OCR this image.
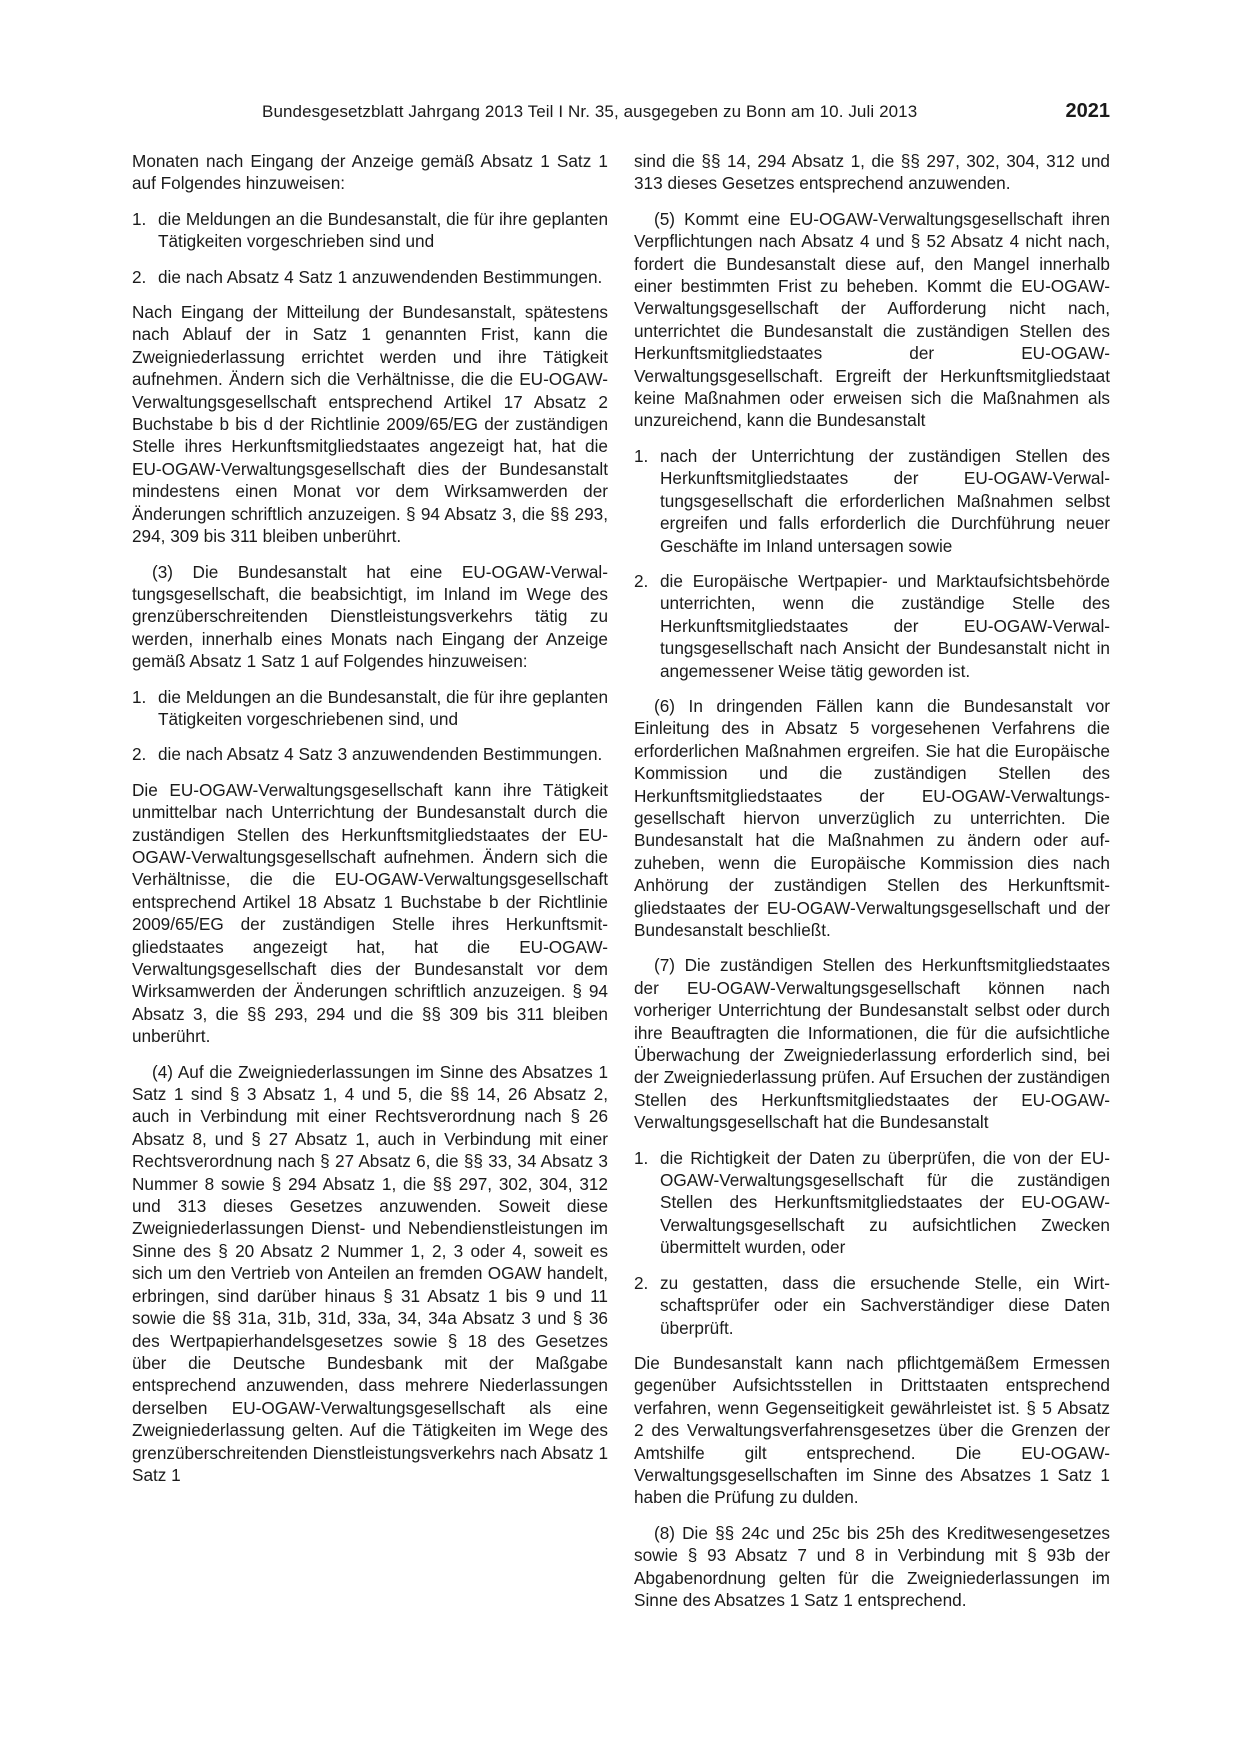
Bundesgesetzblatt Jahrgang 2013 Teil I Nr. 35, ausgegeben zu Bonn am 10. Juli 2013	2021

Monaten nach Eingang der Anzeige gemäß Absatz 1 Satz 1 auf Folgendes hinzuweisen:

1. die Meldungen an die Bundesanstalt, die für ihre geplanten Tätigkeiten vorgeschrieben sind und
2. die nach Absatz 4 Satz 1 anzuwendenden Bestimmungen.

Nach Eingang der Mitteilung der Bundesanstalt, spätestens nach Ablauf der in Satz 1 genannten Frist, kann die Zweigniederlassung errichtet werden und ihre Tätigkeit aufnehmen. Ändern sich die Verhältnisse, die die EU-OGAW-Verwaltungsgesellschaft entsprechend Artikel 17 Absatz 2 Buchstabe b bis d der Richtlinie 2009/65/EG der zuständigen Stelle ihres Herkunftsmitgliedstaates angezeigt hat, hat die EU-OGAW-Verwaltungsgesellschaft dies der Bundesanstalt mindestens einen Monat vor dem Wirksamwerden der Änderungen schriftlich anzuzeigen. § 94 Absatz 3, die §§ 293, 294, 309 bis 311 bleiben unberührt.

(3) Die Bundesanstalt hat eine EU-OGAW-Verwaltungsgesellschaft, die beabsichtigt, im Inland im Wege des grenzüberschreitenden Dienstleistungsverkehrs tätig zu werden, innerhalb eines Monats nach Eingang der Anzeige gemäß Absatz 1 Satz 1 auf Folgendes hinzuweisen:

1. die Meldungen an die Bundesanstalt, die für ihre geplanten Tätigkeiten vorgeschriebenen sind, und
2. die nach Absatz 4 Satz 3 anzuwendenden Bestimmungen.

Die EU-OGAW-Verwaltungsgesellschaft kann ihre Tätigkeit unmittelbar nach Unterrichtung der Bundesanstalt durch die zuständigen Stellen des Herkunftsmitgliedstaates der EU-OGAW-Verwaltungsgesellschaft aufnehmen. Ändern sich die Verhältnisse, die die EU-OGAW-Verwaltungsgesellschaft entsprechend Artikel 18 Absatz 1 Buchstabe b der Richtlinie 2009/65/EG der zuständigen Stelle ihres Herkunftsmitgliedstaates angezeigt hat, hat die EU-OGAW-Verwaltungsgesellschaft dies der Bundesanstalt vor dem Wirksamwerden der Änderungen schriftlich anzuzeigen. § 94 Absatz 3, die §§ 293, 294 und die §§ 309 bis 311 bleiben unberührt.

(4) Auf die Zweigniederlassungen im Sinne des Absatzes 1 Satz 1 sind § 3 Absatz 1, 4 und 5, die §§ 14, 26 Absatz 2, auch in Verbindung mit einer Rechtsverordnung nach § 26 Absatz 8, und § 27 Absatz 1, auch in Verbindung mit einer Rechtsverordnung nach § 27 Absatz 6, die §§ 33, 34 Absatz 3 Nummer 8 sowie § 294 Absatz 1, die §§ 297, 302, 304, 312 und 313 dieses Gesetzes anzuwenden. Soweit diese Zweigniederlassungen Dienst- und Nebendienstleistungen im Sinne des § 20 Absatz 2 Nummer 1, 2, 3 oder 4, soweit es sich um den Vertrieb von Anteilen an fremden OGAW handelt, erbringen, sind darüber hinaus § 31 Absatz 1 bis 9 und 11 sowie die §§ 31a, 31b, 31d, 33a, 34, 34a Absatz 3 und § 36 des Wertpapierhandelsgesetzes sowie § 18 des Gesetzes über die Deutsche Bundesbank mit der Maßgabe entsprechend anzuwenden, dass mehrere Niederlassungen derselben EU-OGAW-Verwaltungsgesellschaft als eine Zweigniederlassung gelten. Auf die Tätigkeiten im Wege des grenzüberschreitenden Dienstleistungsverkehrs nach Absatz 1 Satz 1

sind die §§ 14, 294 Absatz 1, die §§ 297, 302, 304, 312 und 313 dieses Gesetzes entsprechend anzuwenden.

(5) Kommt eine EU-OGAW-Verwaltungsgesellschaft ihren Verpflichtungen nach Absatz 4 und § 52 Absatz 4 nicht nach, fordert die Bundesanstalt diese auf, den Mangel innerhalb einer bestimmten Frist zu beheben. Kommt die EU-OGAW-Verwaltungsgesellschaft der Aufforderung nicht nach, unterrichtet die Bundesanstalt die zuständigen Stellen des Herkunftsmitgliedstaates der EU-OGAW-Verwaltungsgesellschaft. Ergreift der Herkunftsmitgliedstaat keine Maßnahmen oder erweisen sich die Maßnahmen als unzureichend, kann die Bundesanstalt

1. nach der Unterrichtung der zuständigen Stellen des Herkunftsmitgliedstaates der EU-OGAW-Verwaltungsgesellschaft die erforderlichen Maßnahmen selbst ergreifen und falls erforderlich die Durchführung neuer Geschäfte im Inland untersagen sowie
2. die Europäische Wertpapier- und Marktaufsichtsbehörde unterrichten, wenn die zuständige Stelle des Herkunftsmitgliedstaates der EU-OGAW-Verwaltungsgesellschaft nach Ansicht der Bundesanstalt nicht in angemessener Weise tätig geworden ist.

(6) In dringenden Fällen kann die Bundesanstalt vor Einleitung des in Absatz 5 vorgesehenen Verfahrens die erforderlichen Maßnahmen ergreifen. Sie hat die Europäische Kommission und die zuständigen Stellen des Herkunftsmitgliedstaates der EU-OGAW-Verwaltungsgesellschaft hiervon unverzüglich zu unterrichten. Die Bundesanstalt hat die Maßnahmen zu ändern oder aufzuheben, wenn die Europäische Kommission dies nach Anhörung der zuständigen Stellen des Herkunftsmitgliedstaates der EU-OGAW-Verwaltungsgesellschaft und der Bundesanstalt beschließt.

(7) Die zuständigen Stellen des Herkunftsmitgliedstaates der EU-OGAW-Verwaltungsgesellschaft können nach vorheriger Unterrichtung der Bundesanstalt selbst oder durch ihre Beauftragten die Informationen, die für die aufsichtliche Überwachung der Zweigniederlassung erforderlich sind, bei der Zweigniederlassung prüfen. Auf Ersuchen der zuständigen Stellen des Herkunftsmitgliedstaates der EU-OGAW-Verwaltungsgesellschaft hat die Bundesanstalt

1. die Richtigkeit der Daten zu überprüfen, die von der EU-OGAW-Verwaltungsgesellschaft für die zuständigen Stellen des Herkunftsmitgliedstaates der EU-OGAW-Verwaltungsgesellschaft zu aufsichtlichen Zwecken übermittelt wurden, oder
2. zu gestatten, dass die ersuchende Stelle, ein Wirtschaftsprüfer oder ein Sachverständiger diese Daten überprüft.

Die Bundesanstalt kann nach pflichtgemäßem Ermessen gegenüber Aufsichtsstellen in Drittstaaten entsprechend verfahren, wenn Gegenseitigkeit gewährleistet ist. § 5 Absatz 2 des Verwaltungsverfahrensgesetzes über die Grenzen der Amtshilfe gilt entsprechend. Die EU-OGAW-Verwaltungsgesellschaften im Sinne des Absatzes 1 Satz 1 haben die Prüfung zu dulden.

(8) Die §§ 24c und 25c bis 25h des Kreditwesengesetzes sowie § 93 Absatz 7 und 8 in Verbindung mit § 93b der Abgabenordnung gelten für die Zweigniederlassungen im Sinne des Absatzes 1 Satz 1 entsprechend.
